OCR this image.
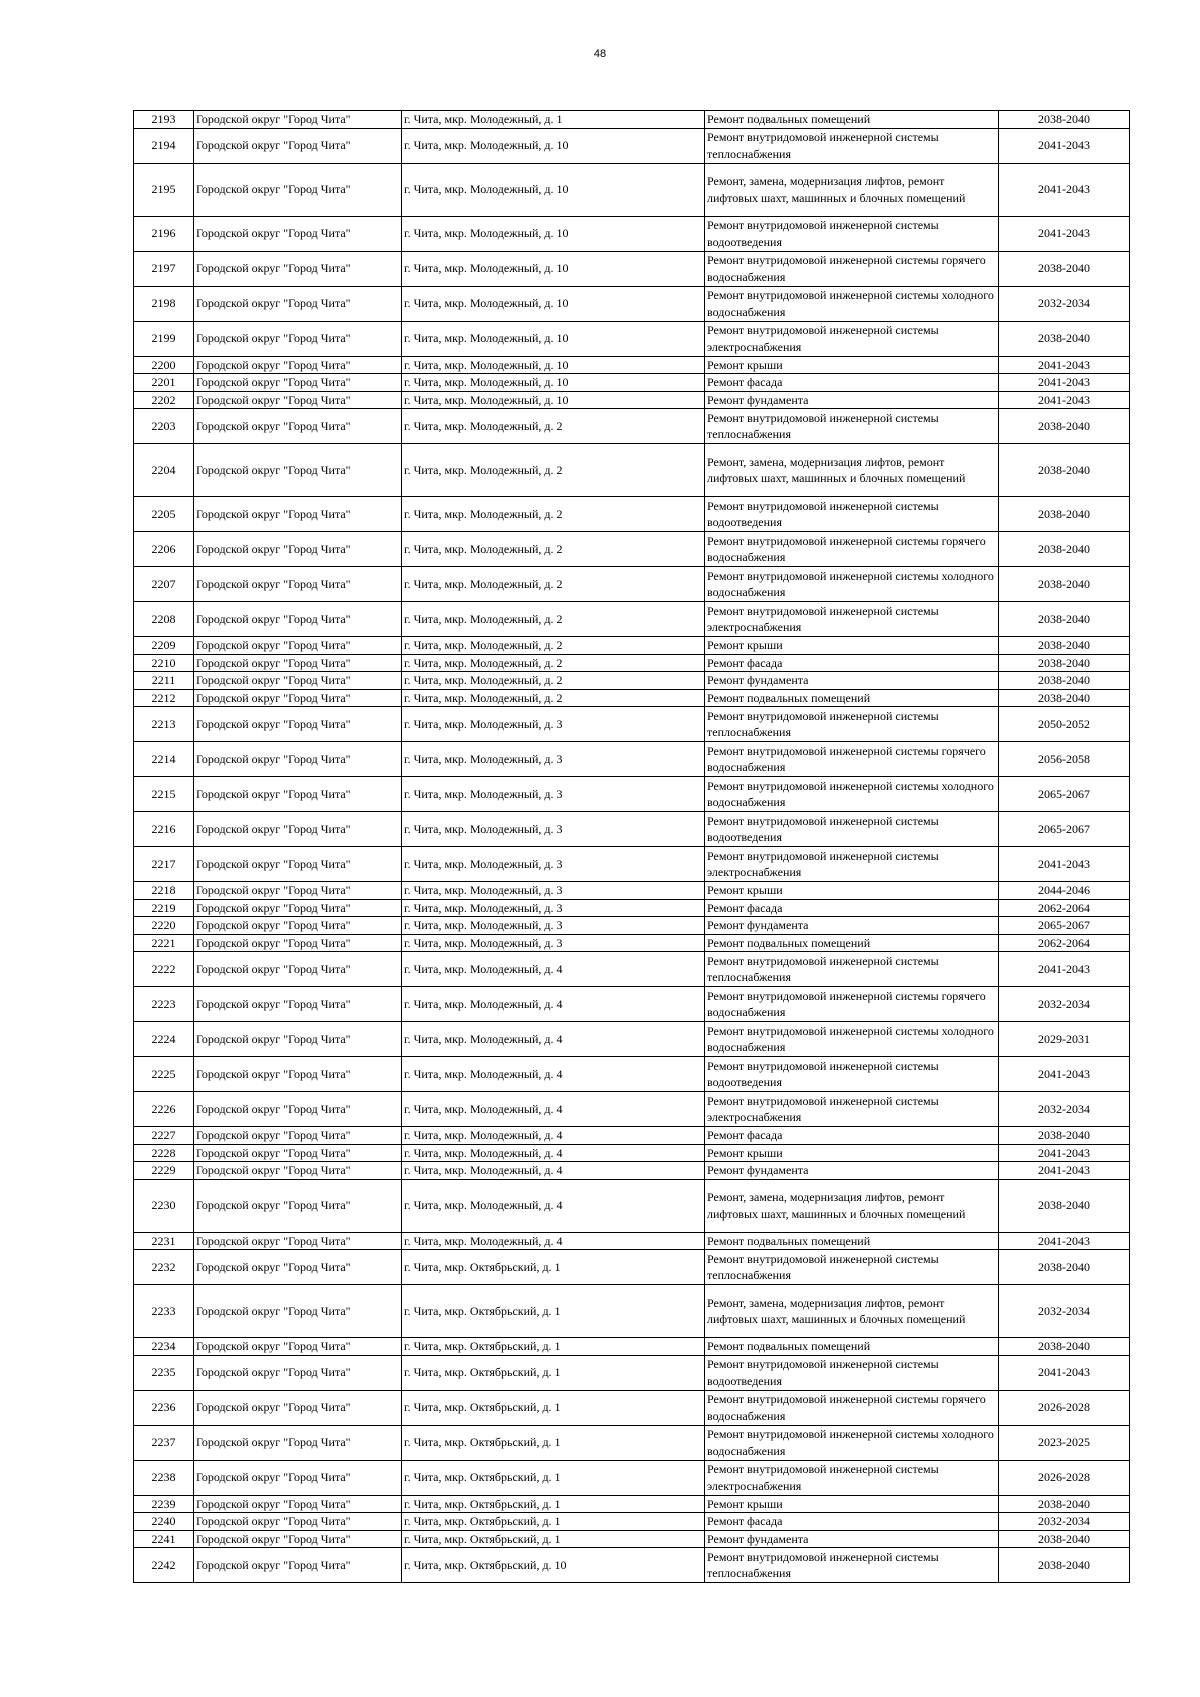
48
2193	Городской округ "Город Чита"	г. Чита, мкр. Молодежный, д. 1	Ремонт подвальных помещений	2038-2040
2194	Городской округ "Город Чита"	г. Чита, мкр. Молодежный, д. 10	Ремонт внутридомовой инженерной системы теплоснабжения	2041-2043
2195	Городской округ "Город Чита"	г. Чита, мкр. Молодежный, д. 10	Ремонт, замена, модернизация лифтов, ремонт лифтовых шахт, машинных и блочных помещений	2041-2043
2196	Городской округ "Город Чита"	г. Чита, мкр. Молодежный, д. 10	Ремонт внутридомовой инженерной системы водоотведения	2041-2043
2197	Городской округ "Город Чита"	г. Чита, мкр. Молодежный, д. 10	Ремонт внутридомовой инженерной системы горячего водоснабжения	2038-2040
2198	Городской округ "Город Чита"	г. Чита, мкр. Молодежный, д. 10	Ремонт внутридомовой инженерной системы холодного водоснабжения	2032-2034
2199	Городской округ "Город Чита"	г. Чита, мкр. Молодежный, д. 10	Ремонт внутридомовой инженерной системы электроснабжения	2038-2040
2200	Городской округ "Город Чита"	г. Чита, мкр. Молодежный, д. 10	Ремонт крыши	2041-2043
2201	Городской округ "Город Чита"	г. Чита, мкр. Молодежный, д. 10	Ремонт фасада	2041-2043
2202	Городской округ "Город Чита"	г. Чита, мкр. Молодежный, д. 10	Ремонт фундамента	2041-2043
2203	Городской округ "Город Чита"	г. Чита, мкр. Молодежный, д. 2	Ремонт внутридомовой инженерной системы теплоснабжения	2038-2040
2204	Городской округ "Город Чита"	г. Чита, мкр. Молодежный, д. 2	Ремонт, замена, модернизация лифтов, ремонт лифтовых шахт, машинных и блочных помещений	2038-2040
2205	Городской округ "Город Чита"	г. Чита, мкр. Молодежный, д. 2	Ремонт внутридомовой инженерной системы водоотведения	2038-2040
2206	Городской округ "Город Чита"	г. Чита, мкр. Молодежный, д. 2	Ремонт внутридомовой инженерной системы горячего водоснабжения	2038-2040
2207	Городской округ "Город Чита"	г. Чита, мкр. Молодежный, д. 2	Ремонт внутридомовой инженерной системы холодного водоснабжения	2038-2040
2208	Городской округ "Город Чита"	г. Чита, мкр. Молодежный, д. 2	Ремонт внутридомовой инженерной системы электроснабжения	2038-2040
2209	Городской округ "Город Чита"	г. Чита, мкр. Молодежный, д. 2	Ремонт крыши	2038-2040
2210	Городской округ "Город Чита"	г. Чита, мкр. Молодежный, д. 2	Ремонт фасада	2038-2040
2211	Городской округ "Город Чита"	г. Чита, мкр. Молодежный, д. 2	Ремонт фундамента	2038-2040
2212	Городской округ "Город Чита"	г. Чита, мкр. Молодежный, д. 2	Ремонт подвальных помещений	2038-2040
2213	Городской округ "Город Чита"	г. Чита, мкр. Молодежный, д. 3	Ремонт внутридомовой инженерной системы теплоснабжения	2050-2052
2214	Городской округ "Город Чита"	г. Чита, мкр. Молодежный, д. 3	Ремонт внутридомовой инженерной системы горячего водоснабжения	2056-2058
2215	Городской округ "Город Чита"	г. Чита, мкр. Молодежный, д. 3	Ремонт внутридомовой инженерной системы холодного водоснабжения	2065-2067
2216	Городской округ "Город Чита"	г. Чита, мкр. Молодежный, д. 3	Ремонт внутридомовой инженерной системы водоотведения	2065-2067
2217	Городской округ "Город Чита"	г. Чита, мкр. Молодежный, д. 3	Ремонт внутридомовой инженерной системы электроснабжения	2041-2043
2218	Городской округ "Город Чита"	г. Чита, мкр. Молодежный, д. 3	Ремонт крыши	2044-2046
2219	Городской округ "Город Чита"	г. Чита, мкр. Молодежный, д. 3	Ремонт фасада	2062-2064
2220	Городской округ "Город Чита"	г. Чита, мкр. Молодежный, д. 3	Ремонт фундамента	2065-2067
2221	Городской округ "Город Чита"	г. Чита, мкр. Молодежный, д. 3	Ремонт подвальных помещений	2062-2064
2222	Городской округ "Город Чита"	г. Чита, мкр. Молодежный, д. 4	Ремонт внутридомовой инженерной системы теплоснабжения	2041-2043
2223	Городской округ "Город Чита"	г. Чита, мкр. Молодежный, д. 4	Ремонт внутридомовой инженерной системы горячего водоснабжения	2032-2034
2224	Городской округ "Город Чита"	г. Чита, мкр. Молодежный, д. 4	Ремонт внутридомовой инженерной системы холодного водоснабжения	2029-2031
2225	Городской округ "Город Чита"	г. Чита, мкр. Молодежный, д. 4	Ремонт внутридомовой инженерной системы водоотведения	2041-2043
2226	Городской округ "Город Чита"	г. Чита, мкр. Молодежный, д. 4	Ремонт внутридомовой инженерной системы электроснабжения	2032-2034
2227	Городской округ "Город Чита"	г. Чита, мкр. Молодежный, д. 4	Ремонт фасада	2038-2040
2228	Городской округ "Город Чита"	г. Чита, мкр. Молодежный, д. 4	Ремонт крыши	2041-2043
2229	Городской округ "Город Чита"	г. Чита, мкр. Молодежный, д. 4	Ремонт фундамента	2041-2043
2230	Городской округ "Город Чита"	г. Чита, мкр. Молодежный, д. 4	Ремонт, замена, модернизация лифтов, ремонт лифтовых шахт, машинных и блочных помещений	2038-2040
2231	Городской округ "Город Чита"	г. Чита, мкр. Молодежный, д. 4	Ремонт подвальных помещений	2041-2043
2232	Городской округ "Город Чита"	г. Чита, мкр. Октябрьский, д. 1	Ремонт внутридомовой инженерной системы теплоснабжения	2038-2040
2233	Городской округ "Город Чита"	г. Чита, мкр. Октябрьский, д. 1	Ремонт, замена, модернизация лифтов, ремонт лифтовых шахт, машинных и блочных помещений	2032-2034
2234	Городской округ "Город Чита"	г. Чита, мкр. Октябрьский, д. 1	Ремонт подвальных помещений	2038-2040
2235	Городской округ "Город Чита"	г. Чита, мкр. Октябрьский, д. 1	Ремонт внутридомовой инженерной системы водоотведения	2041-2043
2236	Городской округ "Город Чита"	г. Чита, мкр. Октябрьский, д. 1	Ремонт внутридомовой инженерной системы горячего водоснабжения	2026-2028
2237	Городской округ "Город Чита"	г. Чита, мкр. Октябрьский, д. 1	Ремонт внутридомовой инженерной системы холодного водоснабжения	2023-2025
2238	Городской округ "Город Чита"	г. Чита, мкр. Октябрьский, д. 1	Ремонт внутридомовой инженерной системы электроснабжения	2026-2028
2239	Городской округ "Город Чита"	г. Чита, мкр. Октябрьский, д. 1	Ремонт крыши	2038-2040
2240	Городской округ "Город Чита"	г. Чита, мкр. Октябрьский, д. 1	Ремонт фасада	2032-2034
2241	Городской округ "Город Чита"	г. Чита, мкр. Октябрьский, д. 1	Ремонт фундамента	2038-2040
2242	Городской округ "Город Чита"	г. Чита, мкр. Октябрьский, д. 10	Ремонт внутридомовой инженерной системы теплоснабжения	2038-2040
